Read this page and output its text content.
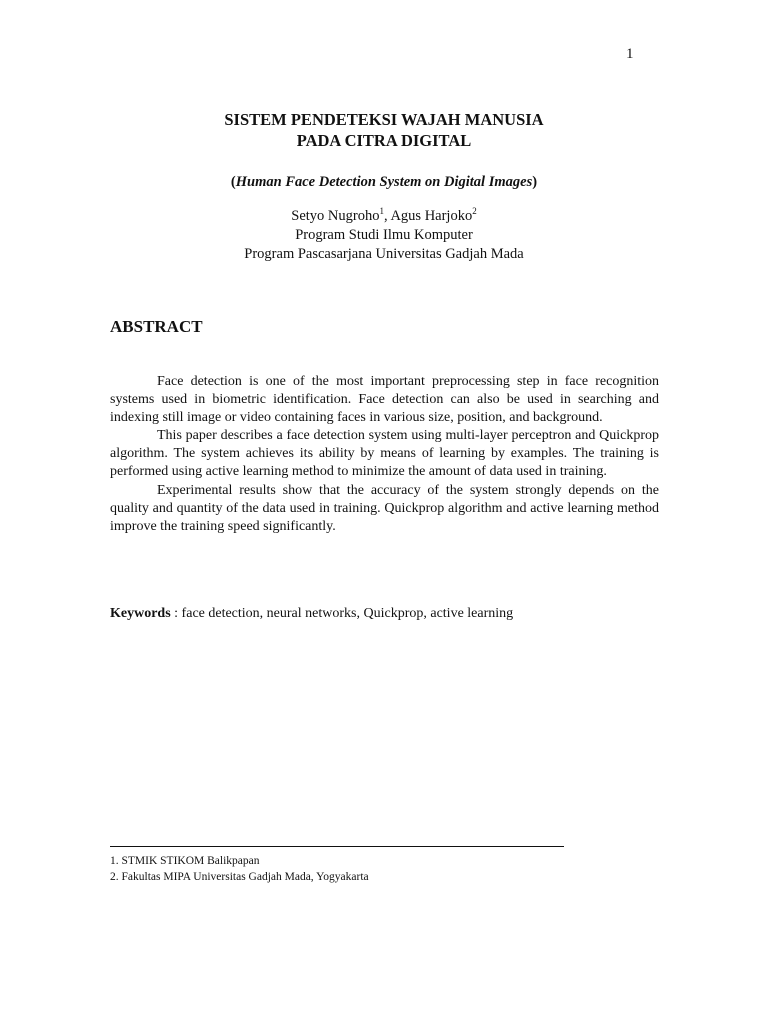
1
SISTEM PENDETEKSI WAJAH MANUSIA
PADA CITRA DIGITAL
(Human Face Detection System on Digital Images)
Setyo Nugroho$^1$, Agus Harjoko$^2$
Program Studi Ilmu Komputer
Program Pascasarjana Universitas Gadjah Mada
ABSTRACT

Face detection is one of the most important preprocessing step in face recognition systems used in biometric identification. Face detection can also be used in searching and indexing still image or video containing faces in various size, position, and background.

This paper describes a face detection system using multi-layer perceptron and Quickprop algorithm. The system achieves its ability by means of learning by examples. The training is performed using active learning method to minimize the amount of data used in training.

Experimental results show that the accuracy of the system strongly depends on the quality and quantity of the data used in training. Quickprop algorithm and active learning method improve the training speed significantly.

Keywords : face detection, neural networks, Quickprop, active learning
1. STMIK STIKOM Balikpapan
2. Fakultas MIPA Universitas Gadjah Mada, Yogyakarta
